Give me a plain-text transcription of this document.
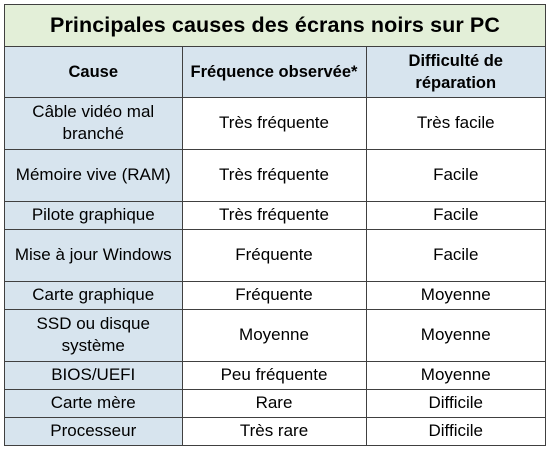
Principales causes des écrans noirs sur PC
Cause	Fréquence observée*	Difficulté de réparation
Câble vidéo mal branché	Très fréquente	Très facile
Mémoire vive (RAM)	Très fréquente	Facile
Pilote graphique	Très fréquente	Facile
Mise à jour Windows	Fréquente	Facile
Carte graphique	Fréquente	Moyenne
SSD ou disque système	Moyenne	Moyenne
BIOS/UEFI	Peu fréquente	Moyenne
Carte mère	Rare	Difficile
Processeur	Très rare	Difficile
